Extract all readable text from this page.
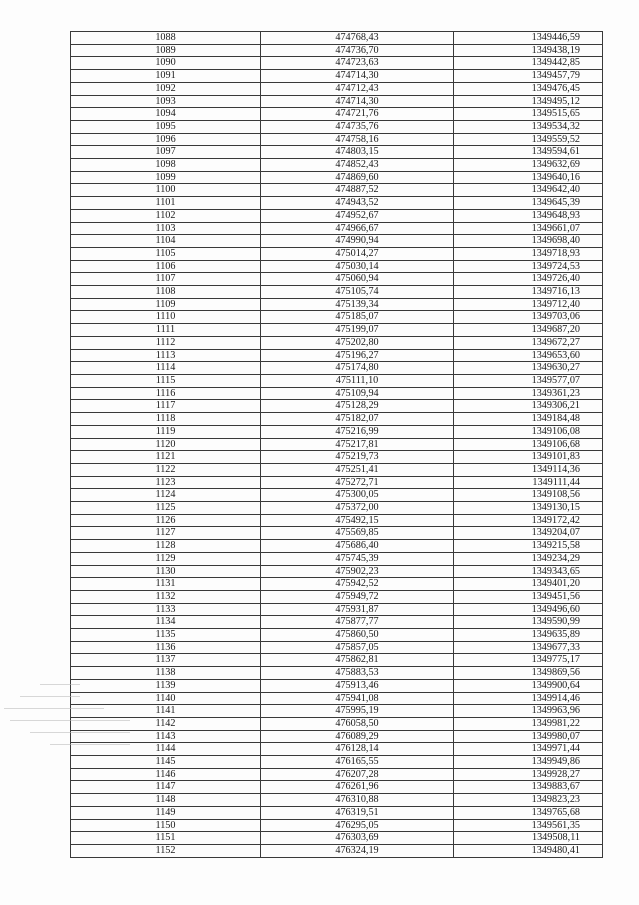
1088	474768,43	1349446,59
1089	474736,70	1349438,19
1090	474723,63	1349442,85
1091	474714,30	1349457,79
1092	474712,43	1349476,45
1093	474714,30	1349495,12
1094	474721,76	1349515,65
1095	474735,76	1349534,32
1096	474758,16	1349559,52
1097	474803,15	1349594,61
1098	474852,43	1349632,69
1099	474869,60	1349640,16
1100	474887,52	1349642,40
1101	474943,52	1349645,39
1102	474952,67	1349648,93
1103	474966,67	1349661,07
1104	474990,94	1349698,40
1105	475014,27	1349718,93
1106	475030,14	1349724,53
1107	475060,94	1349726,40
1108	475105,74	1349716,13
1109	475139,34	1349712,40
1110	475185,07	1349703,06
1111	475199,07	1349687,20
1112	475202,80	1349672,27
1113	475196,27	1349653,60
1114	475174,80	1349630,27
1115	475111,10	1349577,07
1116	475109,94	1349361,23
1117	475128,29	1349306,21
1118	475182,07	1349184,48
1119	475216,99	1349106,08
1120	475217,81	1349106,68
1121	475219,73	1349101,83
1122	475251,41	1349114,36
1123	475272,71	1349111,44
1124	475300,05	1349108,56
1125	475372,00	1349130,15
1126	475492,15	1349172,42
1127	475569,85	1349204,07
1128	475686,40	1349215,58
1129	475745,39	1349234,29
1130	475902,23	1349343,65
1131	475942,52	1349401,20
1132	475949,72	1349451,56
1133	475931,87	1349496,60
1134	475877,77	1349590,99
1135	475860,50	1349635,89
1136	475857,05	1349677,33
1137	475862,81	1349775,17
1138	475883,53	1349869,56
1139	475913,46	1349900,64
1140	475941,08	1349914,46
1141	475995,19	1349963,96
1142	476058,50	1349981,22
1143	476089,29	1349980,07
1144	476128,14	1349971,44
1145	476165,55	1349949,86
1146	476207,28	1349928,27
1147	476261,96	1349883,67
1148	476310,88	1349823,23
1149	476319,51	1349765,68
1150	476295,05	1349561,35
1151	476303,69	1349508,11
1152	476324,19	1349480,41
